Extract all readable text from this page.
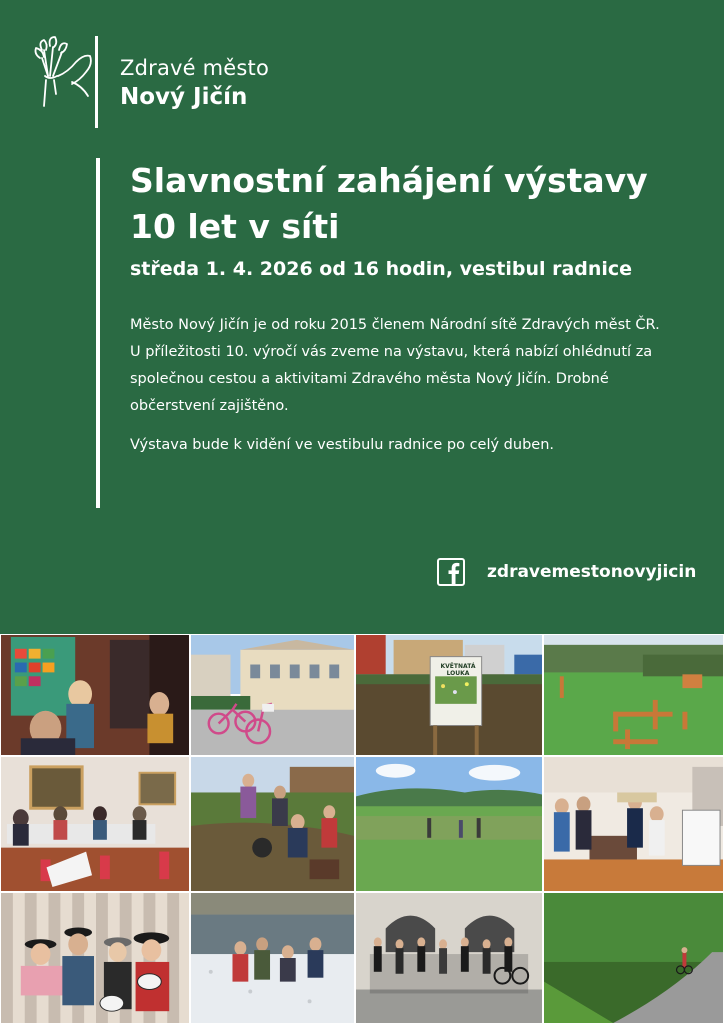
Zdravé město
Nový Jičín
Slavnostní zahájení výstavy
10 let v síti

středa 1. 4. 2026 od 16 hodin, vestibul radnice

Město Nový Jičín je od roku 2015 členem Národní sítě Zdravých měst ČR.
U příležitosti 10. výročí vás zveme na výstavu, která nabízí ohlédnutí za
společnou cestou a aktivitami Zdravého města Nový Jičín. Drobné
občerstvení zajištěno.

Výstava bude k vidění ve vestibulu radnice po celý duben.

zdravemestonovyjicin
KVĚTNATÁ LOUKA
